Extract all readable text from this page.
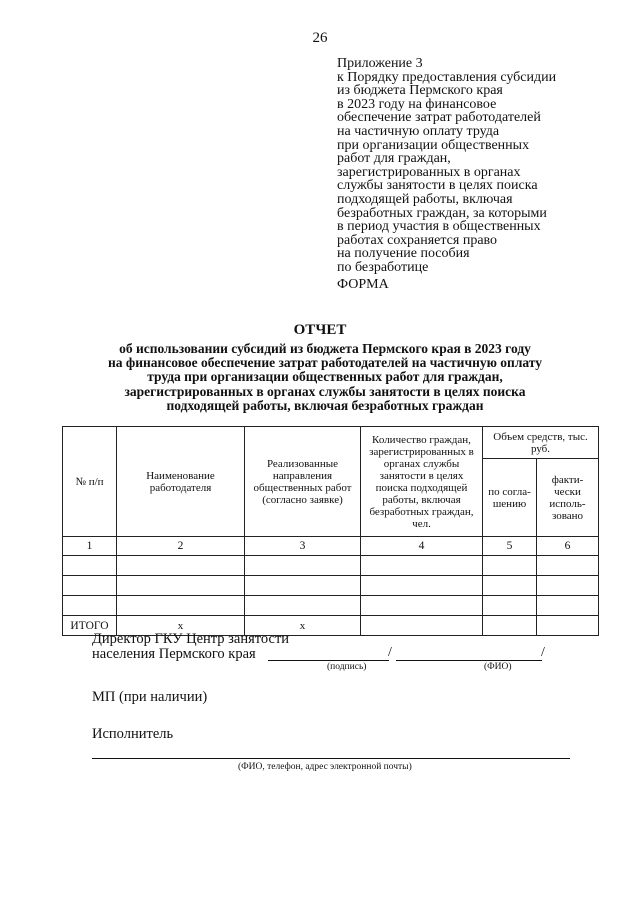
26
Приложение 3
к Порядку предоставления субсидии
из бюджета Пермского края
в 2023 году на финансовое
обеспечение затрат работодателей
на частичную оплату труда
при организации общественных
работ для граждан,
зарегистрированных в органах
службы занятости в целях поиска
подходящей работы, включая
безработных граждан, за которыми
в период участия в общественных
работах сохраняется право
на получение пособия
по безработице
ФОРМА
ОТЧЕТ
об использовании субсидий из бюджета Пермского края в 2023 году
на финансовое обеспечение затрат работодателей на частичную оплату
труда при организации общественных работ для граждан,
зарегистрированных в органах службы занятости в целях поиска
подходящей работы, включая безработных граждан
№ п/п	Наименование работодателя	Реализованные направления общественных работ (согласно заявке)	Количество граждан, зарегистрированных в органах службы занятости в целях поиска подходящей работы, включая безработных граждан, чел.	Объем средств, тыс. руб.	
				по согла-шению	факти-чески исполь-зовано
1	2	3	4	5	6

ИТОГО	х	х			
Директор ГКУ Центр занятости
населения Пермского края	/	/
(подпись)	(ФИО)
МП (при наличии)
Исполнитель
(ФИО, телефон, адрес электронной почты)
